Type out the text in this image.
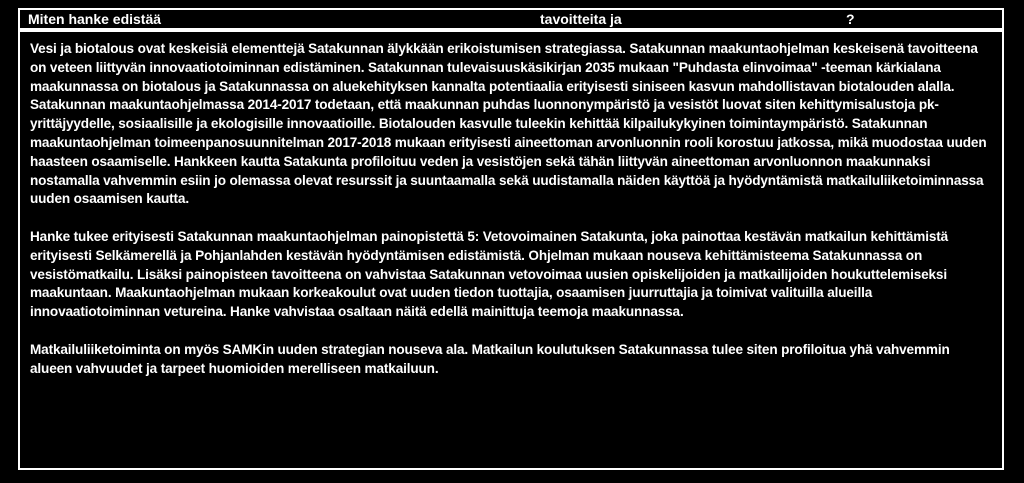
Miten hanke edistää	tavoitteita ja	?

Vesi ja biotalous ovat keskeisiä elementtejä Satakunnan älykkään erikoistumisen strategiassa. Satakunnan maakuntaohjelman keskeisenä tavoitteena on veteen liittyvän innovaatiotoiminnan edistäminen. Satakunnan tulevaisuuskäsikirjan 2035 mukaan "Puhdasta elinvoimaa" -teeman kärkialana maakunnassa on biotalous ja Satakunnassa on aluekehityksen kannalta potentiaalia erityisesti siniseen kasvun mahdollistavan biotalouden alalla. Satakunnan maakuntaohjelmassa 2014-2017 todetaan, että maakunnan puhdas luonnonympäristö ja vesistöt luovat siten kehittymisalustoja pk-yrittäjyydelle, sosiaalisille ja ekologisille innovaatioille. Biotalouden kasvulle tuleekin kehittää kilpailukykyinen toimintaympäristö. Satakunnan maakuntaohjelman toimeenpanosuunnitelman 2017-2018 mukaan erityisesti aineettoman arvonluonnin rooli korostuu jatkossa, mikä muodostaa uuden haasteen osaamiselle. Hankkeen kautta Satakunta profiloituu veden ja vesistöjen sekä tähän liittyvän aineettoman arvonluonnon maakunnaksi nostamalla vahvemmin esiin jo olemassa olevat resurssit ja suuntaamalla sekä uudistamalla näiden käyttöä ja hyödyntämistä matkailuliiketoiminnassa uuden osaamisen kautta.

Hanke tukee erityisesti Satakunnan maakuntaohjelman painopistettä 5: Vetovoimainen Satakunta, joka painottaa kestävän matkailun kehittämistä erityisesti Selkämerellä ja Pohjanlahden kestävän hyödyntämisen edistämistä. Ohjelman mukaan nouseva kehittämisteema Satakunnassa on vesistömatkailu. Lisäksi painopisteen tavoitteena on vahvistaa Satakunnan vetovoimaa uusien opiskelijoiden ja matkailijoiden houkuttelemiseksi maakuntaan. Maakuntaohjelman mukaan korkeakoulut ovat uuden tiedon tuottajia, osaamisen juurruttajia ja toimivat valituilla alueilla innovaatiotoiminnan vetureina. Hanke vahvistaa osaltaan näitä edellä mainittuja teemoja maakunnassa.

Matkailuliiketoiminta on myös SAMKin uuden strategian nouseva ala. Matkailun koulutuksen Satakunnassa tulee siten profiloitua yhä vahvemmin alueen vahvuudet ja tarpeet huomioiden merelliseen matkailuun.
